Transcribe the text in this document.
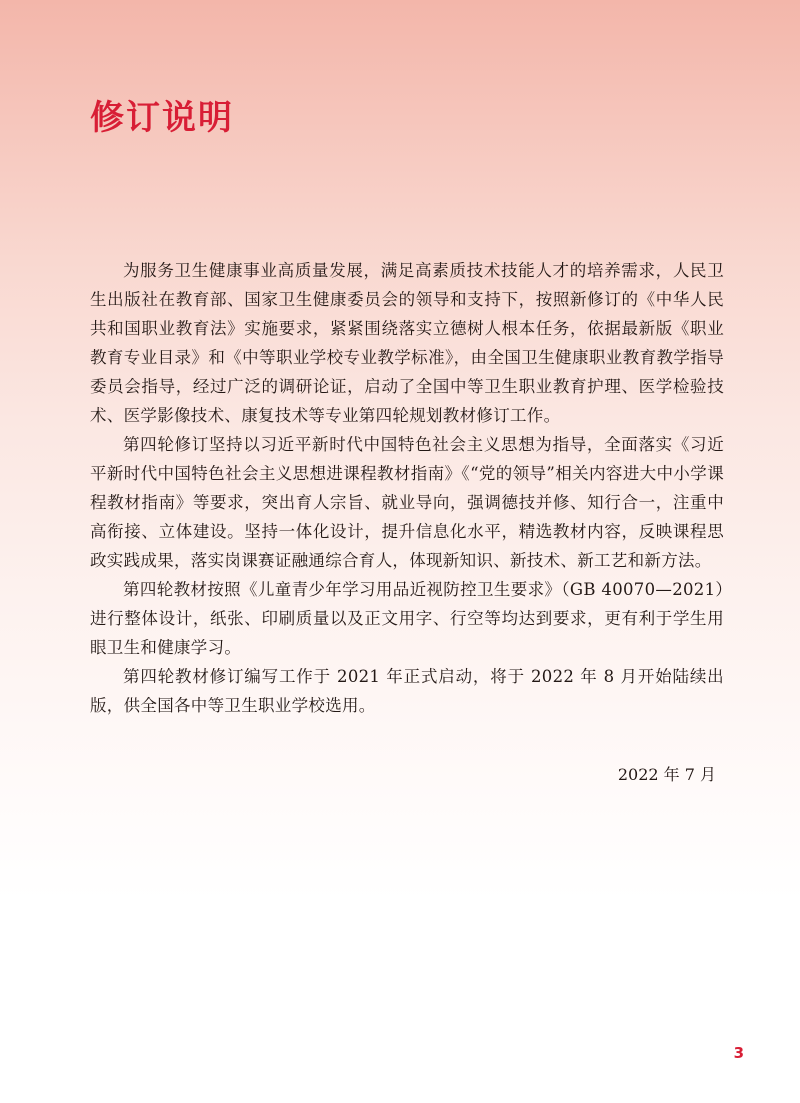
修订说明

为服务卫生健康事业高质量发展，满足高素质技术技能人才的培养需求，人民卫生出版社在教育部、国家卫生健康委员会的领导和支持下，按照新修订的《中华人民共和国职业教育法》实施要求，紧紧围绕落实立德树人根本任务，依据最新版《职业教育专业目录》和《中等职业学校专业教学标准》，由全国卫生健康职业教育教学指导委员会指导，经过广泛的调研论证，启动了全国中等卫生职业教育护理、医学检验技术、医学影像技术、康复技术等专业第四轮规划教材修订工作。

第四轮修订坚持以习近平新时代中国特色社会主义思想为指导，全面落实《习近平新时代中国特色社会主义思想进课程教材指南》《“党的领导”相关内容进大中小学课程教材指南》等要求，突出育人宗旨、就业导向，强调德技并修、知行合一，注重中高衔接、立体建设。坚持一体化设计，提升信息化水平，精选教材内容，反映课程思政实践成果，落实岗课赛证融通综合育人，体现新知识、新技术、新工艺和新方法。

第四轮教材按照《儿童青少年学习用品近视防控卫生要求》（GB 40070—2021）进行整体设计，纸张、印刷质量以及正文用字、行空等均达到要求，更有利于学生用眼卫生和健康学习。

第四轮教材修订编写工作于 2021 年正式启动，将于 2022 年 8 月开始陆续出版，供全国各中等卫生职业学校选用。

2022 年 7 月

3
